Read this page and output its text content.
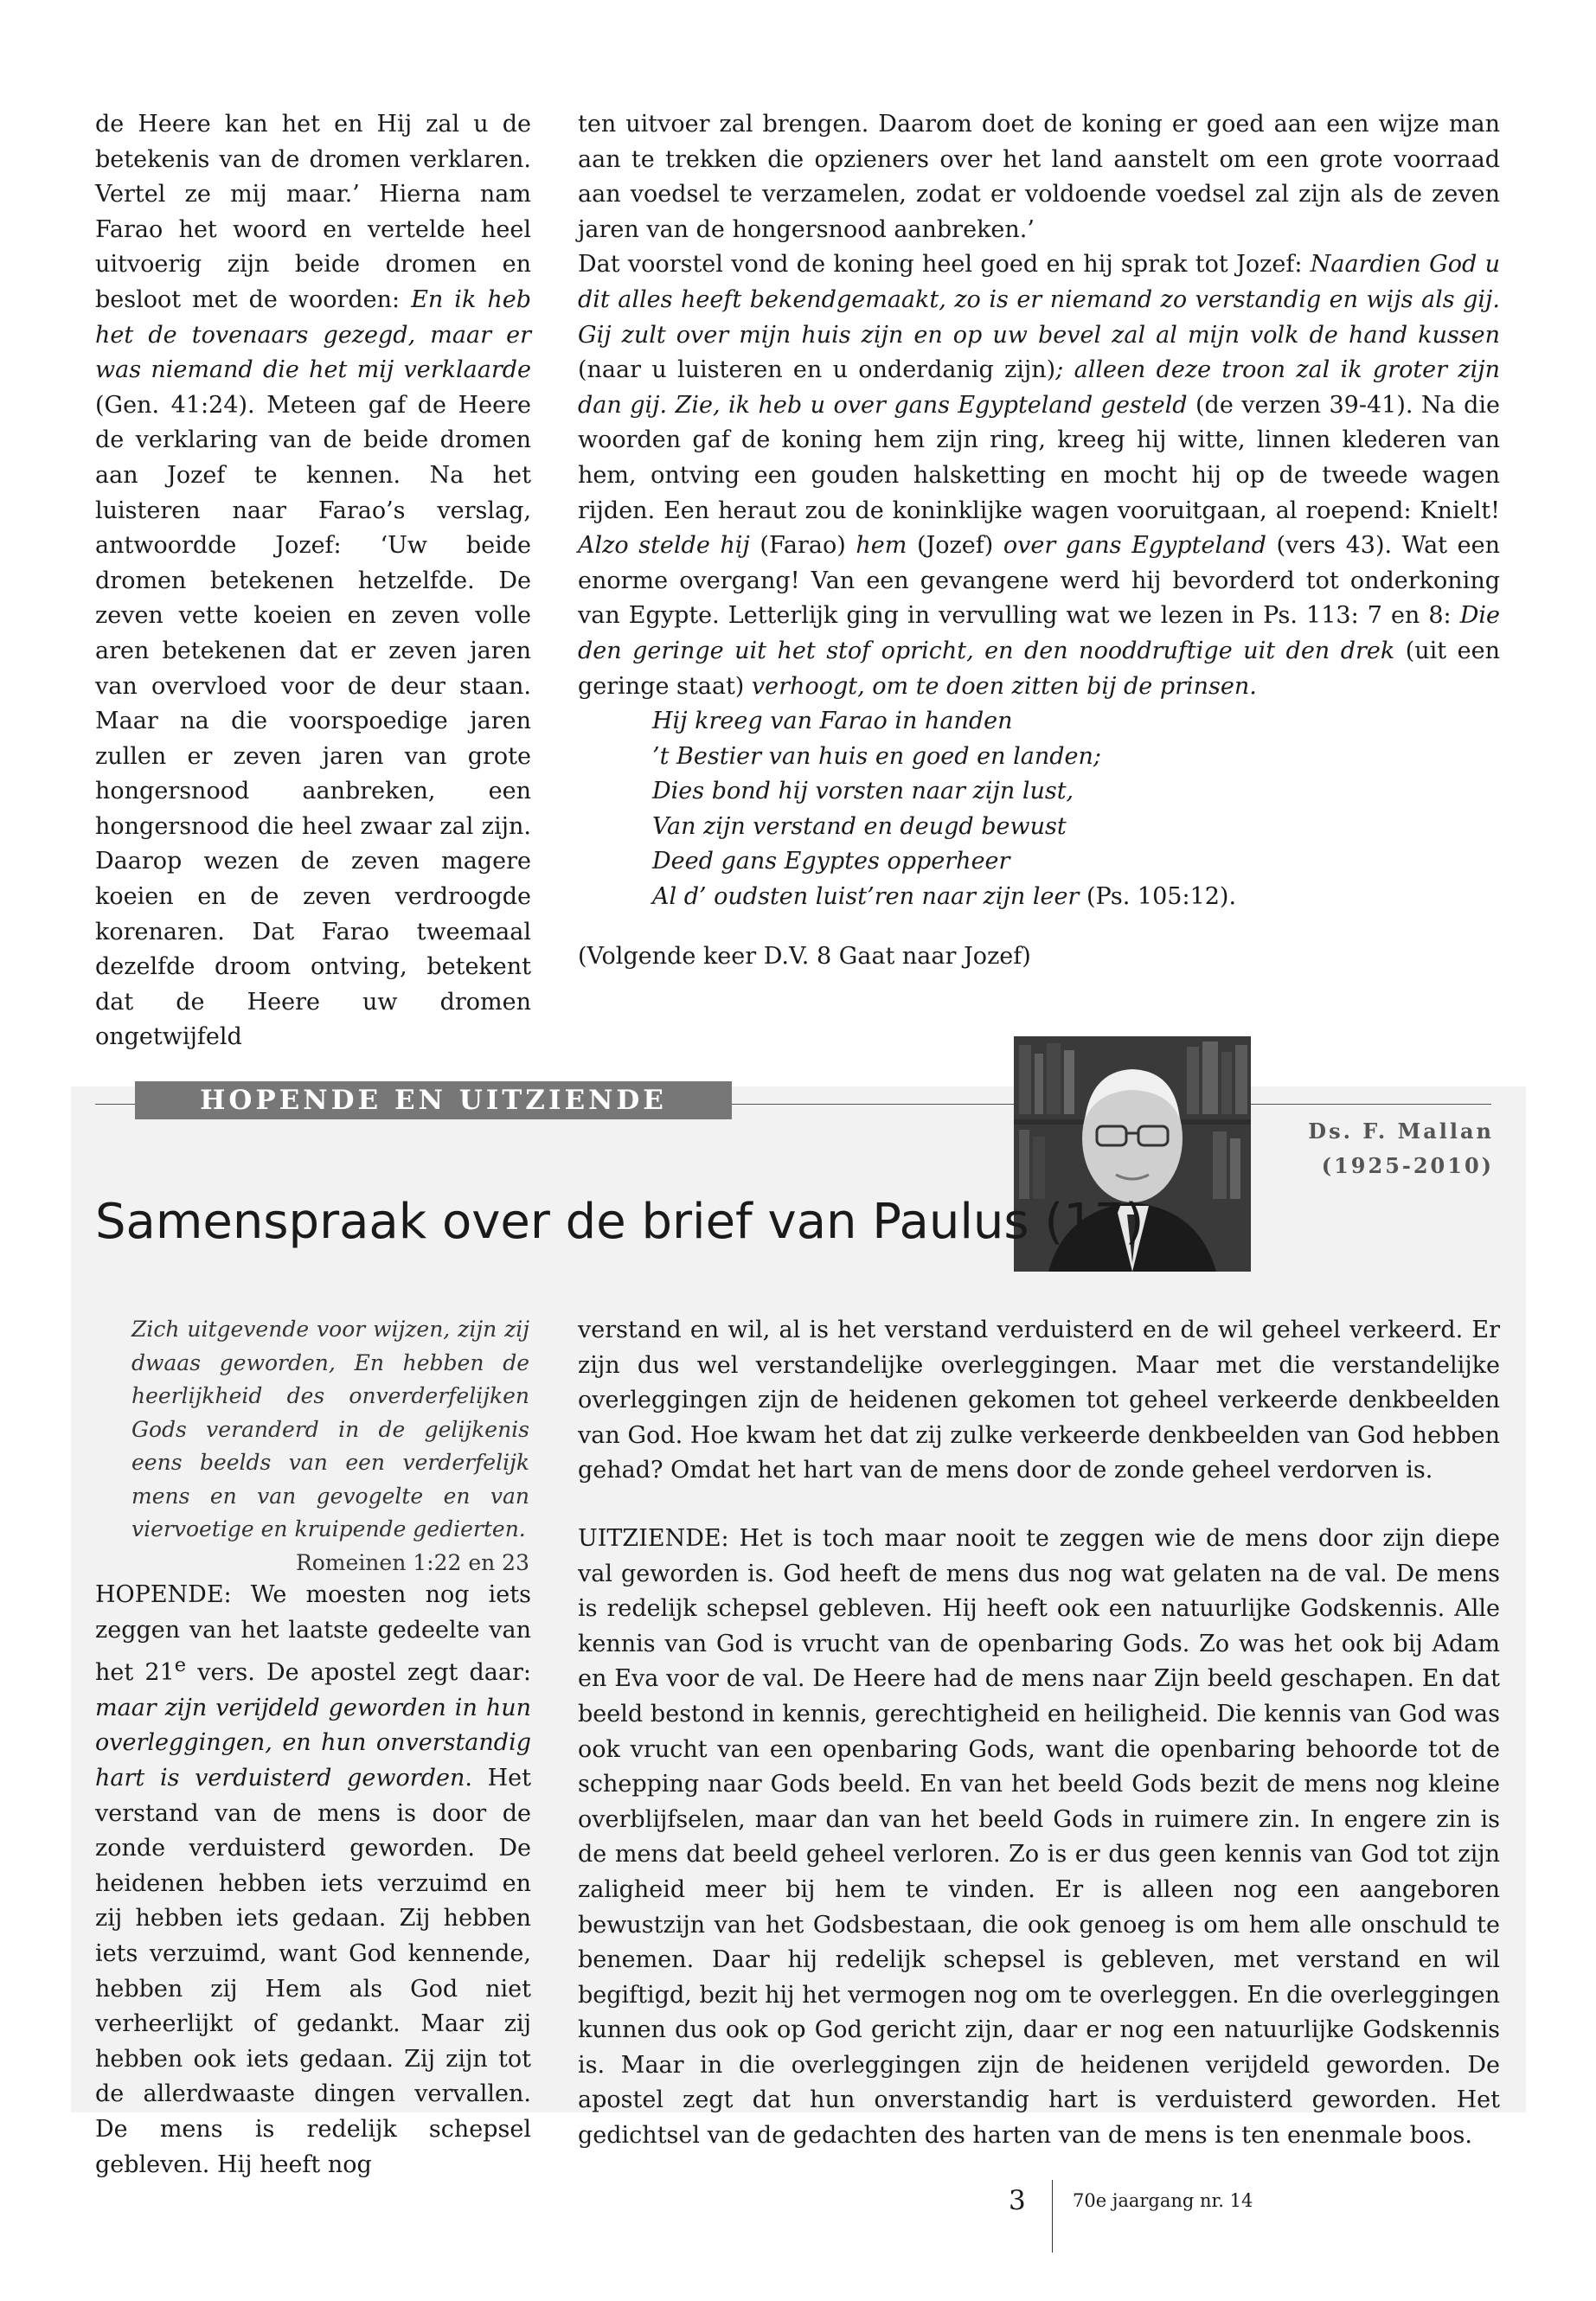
de Heere kan het en Hij zal u de betekenis van de dromen verklaren. Vertel ze mij maar.’ Hierna nam Farao het woord en vertelde heel uitvoerig zijn beide dromen en besloot met de woorden: En ik heb het de tovenaars gezegd, maar er was niemand die het mij verklaarde (Gen. 41:24). Meteen gaf de Heere de verklaring van de beide dromen aan Jozef te kennen. Na het luisteren naar Farao’s verslag, antwoordde Jozef: ‘Uw beide dromen betekenen hetzelfde. De zeven vette koeien en zeven volle aren betekenen dat er zeven jaren van overvloed voor de deur staan. Maar na die voorspoedige jaren zullen er zeven jaren van grote hongersnood aanbreken, een hongersnood die heel zwaar zal zijn. Daarop wezen de zeven magere koeien en de zeven verdroogde korenaren. Dat Farao tweemaal dezelfde droom ontving, betekent dat de Heere uw dromen ongetwijfeld

ten uitvoer zal brengen. Daarom doet de koning er goed aan een wijze man aan te trekken die opzieners over het land aanstelt om een grote voorraad aan voedsel te verzamelen, zodat er voldoende voedsel zal zijn als de zeven jaren van de hongersnood aanbreken.’

Dat voorstel vond de koning heel goed en hij sprak tot Jozef: Naardien God u dit alles heeft bekendgemaakt, zo is er niemand zo verstandig en wijs als gij. Gij zult over mijn huis zijn en op uw bevel zal al mijn volk de hand kussen (naar u luisteren en u onderdanig zijn); alleen deze troon zal ik groter zijn dan gij. Zie, ik heb u over gans Egypteland gesteld (de verzen 39-41). Na die woorden gaf de koning hem zijn ring, kreeg hij witte, linnen klederen van hem, ontving een gouden halsketting en mocht hij op de tweede wagen rijden. Een heraut zou de koninklijke wagen vooruitgaan, al roepend: Knielt! Alzo stelde hij (Farao) hem (Jozef) over gans Egypteland (vers 43). Wat een enorme overgang! Van een gevangene werd hij bevorderd tot onderkoning van Egypte. Letterlijk ging in vervulling wat we lezen in Ps. 113: 7 en 8: Die den geringe uit het stof opricht, en den nooddruftige uit den drek (uit een geringe staat) verhoogt, om te doen zitten bij de prinsen.

Hij kreeg van Farao in handen
’t Bestier van huis en goed en landen;
Dies bond hij vorsten naar zijn lust,
Van zijn verstand en deugd bewust
Deed gans Egyptes opperheer
Al d’ oudsten luist’ren naar zijn leer (Ps. 105:12).

(Volgende keer D.V. 8 Gaat naar Jozef)

HOPENDE EN UITZIENDE
Ds. F. Mallan
(1925-2010)
Samenspraak over de brief van Paulus (17)
Zich uitgevende voor wijzen, zijn zij dwaas geworden, En hebben de heerlijkheid des onverderfelijken Gods veranderd in de gelijkenis eens beelds van een verderfelijk mens en van gevogelte en van viervoetige en kruipende gedierten.
Romeinen 1:22 en 23

HOPENDE: We moesten nog iets zeggen van het laatste gedeelte van het 21e vers. De apostel zegt daar: maar zijn verijdeld geworden in hun overleggingen, en hun onverstandig hart is verduisterd geworden. Het verstand van de mens is door de zonde verduisterd geworden. De heidenen hebben iets verzuimd en zij hebben iets gedaan. Zij hebben iets verzuimd, want God kennende, hebben zij Hem als God niet verheerlijkt of gedankt. Maar zij hebben ook iets gedaan. Zij zijn tot de allerdwaaste dingen vervallen. De mens is redelijk schepsel gebleven. Hij heeft nog

verstand en wil, al is het verstand verduisterd en de wil geheel verkeerd. Er zijn dus wel verstandelijke overleggingen. Maar met die verstandelijke overleggingen zijn de heidenen gekomen tot geheel verkeerde denkbeelden van God. Hoe kwam het dat zij zulke verkeerde denkbeelden van God hebben gehad? Omdat het hart van de mens door de zonde geheel verdorven is.

UITZIENDE: Het is toch maar nooit te zeggen wie de mens door zijn diepe val geworden is. God heeft de mens dus nog wat gelaten na de val. De mens is redelijk schepsel gebleven. Hij heeft ook een natuurlijke Godskennis. Alle kennis van God is vrucht van de openbaring Gods. Zo was het ook bij Adam en Eva voor de val. De Heere had de mens naar Zijn beeld geschapen. En dat beeld bestond in kennis, gerechtigheid en heiligheid. Die kennis van God was ook vrucht van een openbaring Gods, want die openbaring behoorde tot de schepping naar Gods beeld. En van het beeld Gods bezit de mens nog kleine overblijfselen, maar dan van het beeld Gods in ruimere zin. In engere zin is de mens dat beeld geheel verloren. Zo is er dus geen kennis van God tot zijn zaligheid meer bij hem te vinden. Er is alleen nog een aangeboren bewustzijn van het Godsbestaan, die ook genoeg is om hem alle onschuld te benemen. Daar hij redelijk schepsel is gebleven, met verstand en wil begiftigd, bezit hij het vermogen nog om te overleggen. En die overleggingen kunnen dus ook op God gericht zijn, daar er nog een natuurlijke Godskennis is. Maar in die overleggingen zijn de heidenen verijdeld geworden. De apostel zegt dat hun onverstandig hart is verduisterd geworden. Het gedichtsel van de gedachten des harten van de mens is ten enenmale boos.

3	70e jaargang nr. 14
